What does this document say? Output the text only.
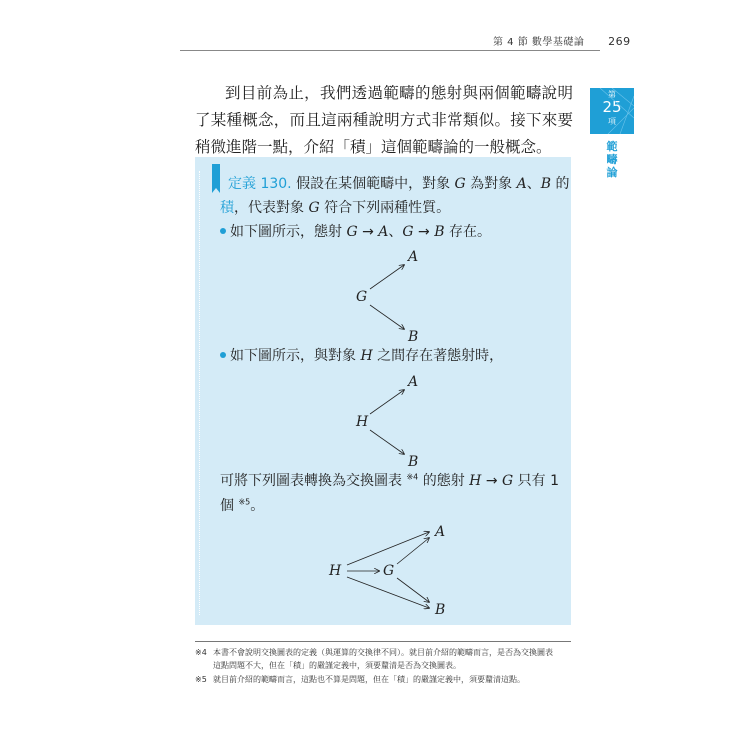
第 4 節 數學基礎論 269
第
25
項
範疇論
到目前為止，我們透過範疇的態射與兩個範疇說明了某種概念，而且這兩種說明方式非常類似。接下來要稍微進階一點，介紹「積」這個範疇論的一般概念。
定義 130. 假設在某個範疇中，對象 G 為對象 A、B 的
積，代表對象 G 符合下列兩種性質。
如下圖所示，態射 G → A、G → B 存在。
A
G
B
如下圖所示，與對象 H 之間存在著態射時，
A
H
B
可將下列圖表轉換為交換圖表 $^{※4}$ 的態射 H → G 只有 1
個 $^{※5}$。
A
H	G
B
※4 本書不會說明交換圖表的定義（與運算的交換律不同）。就目前介紹的範疇而言，是否為交換圖表
這點問題不大，但在「積」的嚴謹定義中，須要釐清是否為交換圖表。
※5 就目前介紹的範疇而言，這點也不算是問題，但在「積」的嚴謹定義中，須要釐清這點。
